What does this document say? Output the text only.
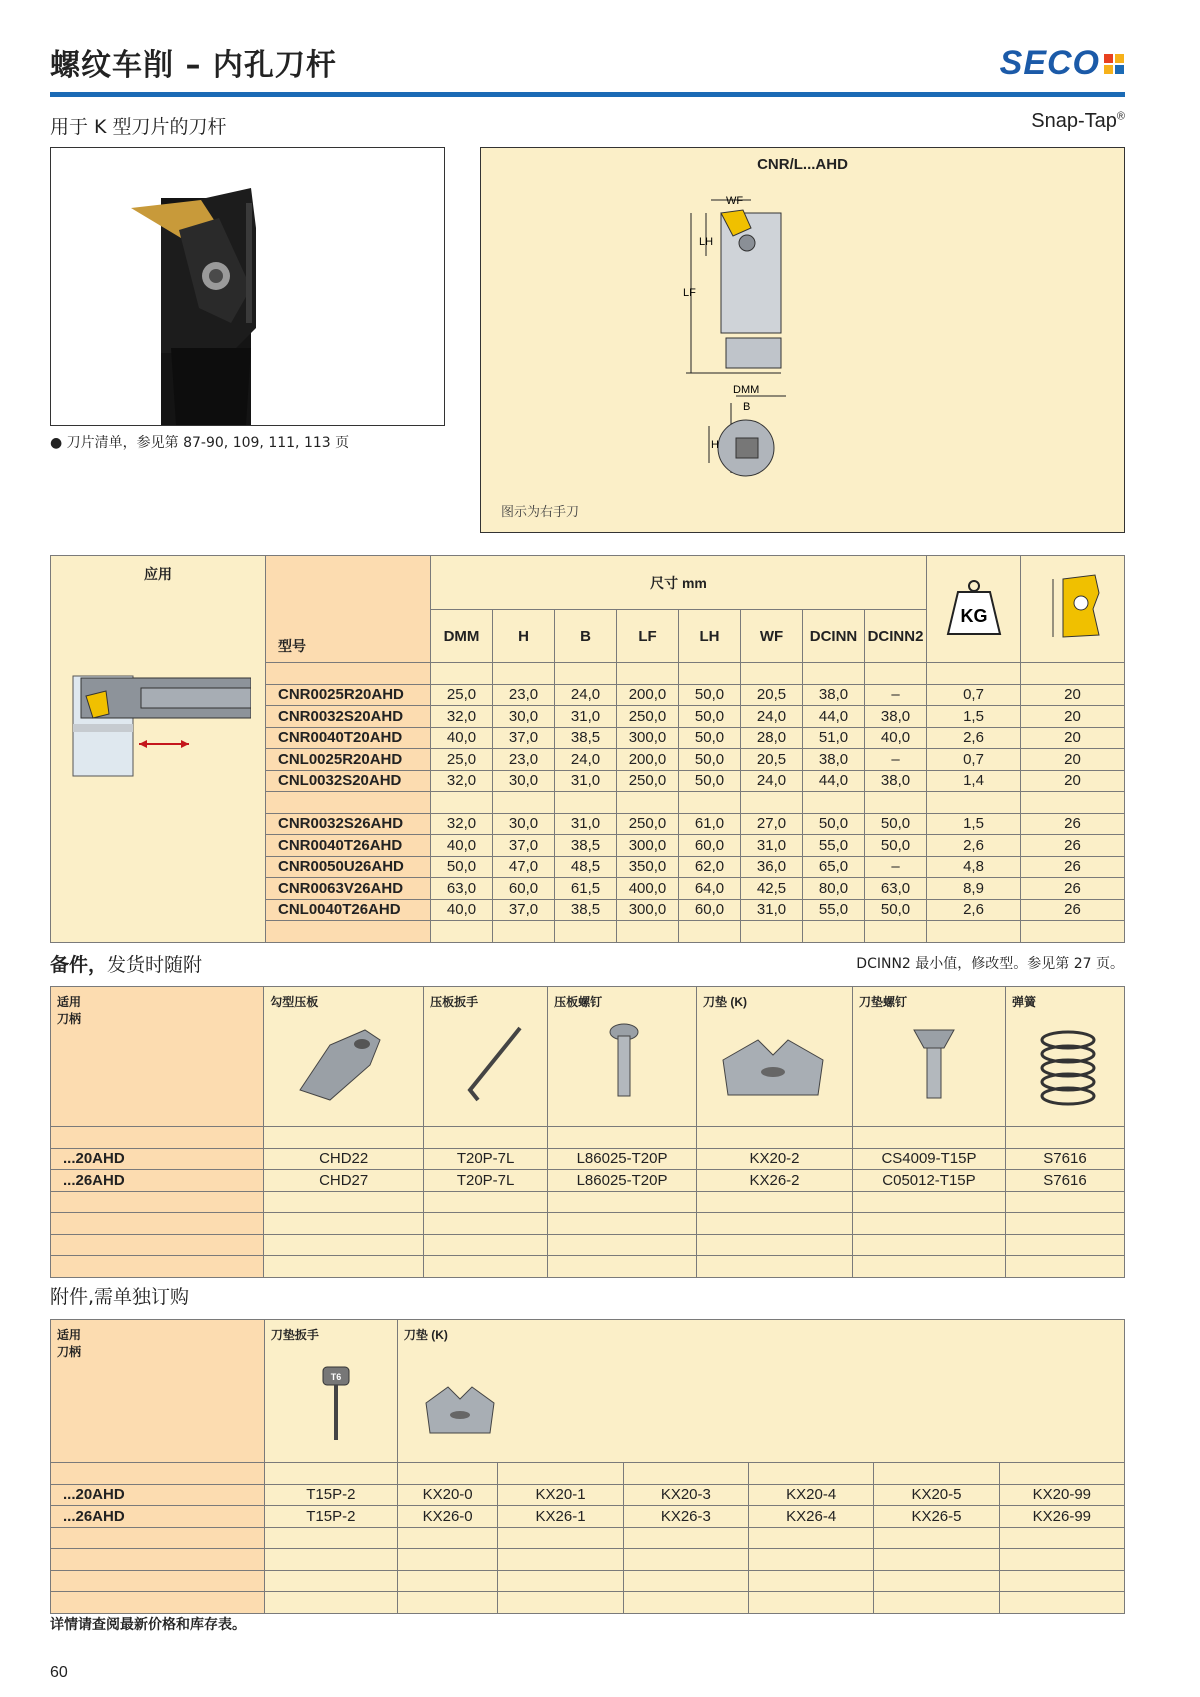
螺纹车削 – 内孔刀杆	SECO
用于 K 型刀片的刀杆	Snap-Tap®
● 刀片清单，参见第 87-90, 109, 111, 113 页
CNR/L...AHD
WF
LH
LF
DMM
B
H
图示为右手刀
应用	型号	尺寸 mm								KG

		DMM	H	B	LF	LH	WF	DCINN	DCINN2		

	CNR0025R20AHD	25,0	23,0	24,0	200,0	50,0	20,5	38,0	–	0,7	20
	CNR0032S20AHD	32,0	30,0	31,0	250,0	50,0	24,0	44,0	38,0	1,5	20
	CNR0040T20AHD	40,0	37,0	38,5	300,0	50,0	28,0	51,0	40,0	2,6	20
	CNL0025R20AHD	25,0	23,0	24,0	200,0	50,0	20,5	38,0	–	0,7	20
	CNL0032S20AHD	32,0	30,0	31,0	250,0	50,0	24,0	44,0	38,0	1,4	20

	CNR0032S26AHD	32,0	30,0	31,0	250,0	61,0	27,0	50,0	50,0	1,5	26
	CNR0040T26AHD	40,0	37,0	38,5	300,0	60,0	31,0	55,0	50,0	2,6	26
	CNR0050U26AHD	50,0	47,0	48,5	350,0	62,0	36,0	65,0	–	4,8	26
	CNR0063V26AHD	63,0	60,0	61,5	400,0	64,0	42,5	80,0	63,0	8,9	26
	CNL0040T26AHD	40,0	37,0	38,5	300,0	60,0	31,0	55,0	50,0	2,6	26

备件，发货时随附	DCINN2 最小值，修改型。参见第 27 页。
适用
刀柄	勾型压板	压板扳手	压板螺钉	刀垫 (K)	刀垫螺钉	弹簧

...20AHD	CHD22	T20P-7L	L86025-T20P	KX20-2	CS4009-T15P	S7616
...26AHD	CHD27	T20P-7L	L86025-T20P	KX26-2	C05012-T15P	S7616

附件,需单独订购
适用
刀柄	刀垫扳手
T6	刀垫 (K)					

...20AHD	T15P-2	KX20-0	KX20-1	KX20-3	KX20-4	KX20-5	KX20-99
...26AHD	T15P-2	KX26-0	KX26-1	KX26-3	KX26-4	KX26-5	KX26-99

详情请查阅最新价格和库存表。
60
